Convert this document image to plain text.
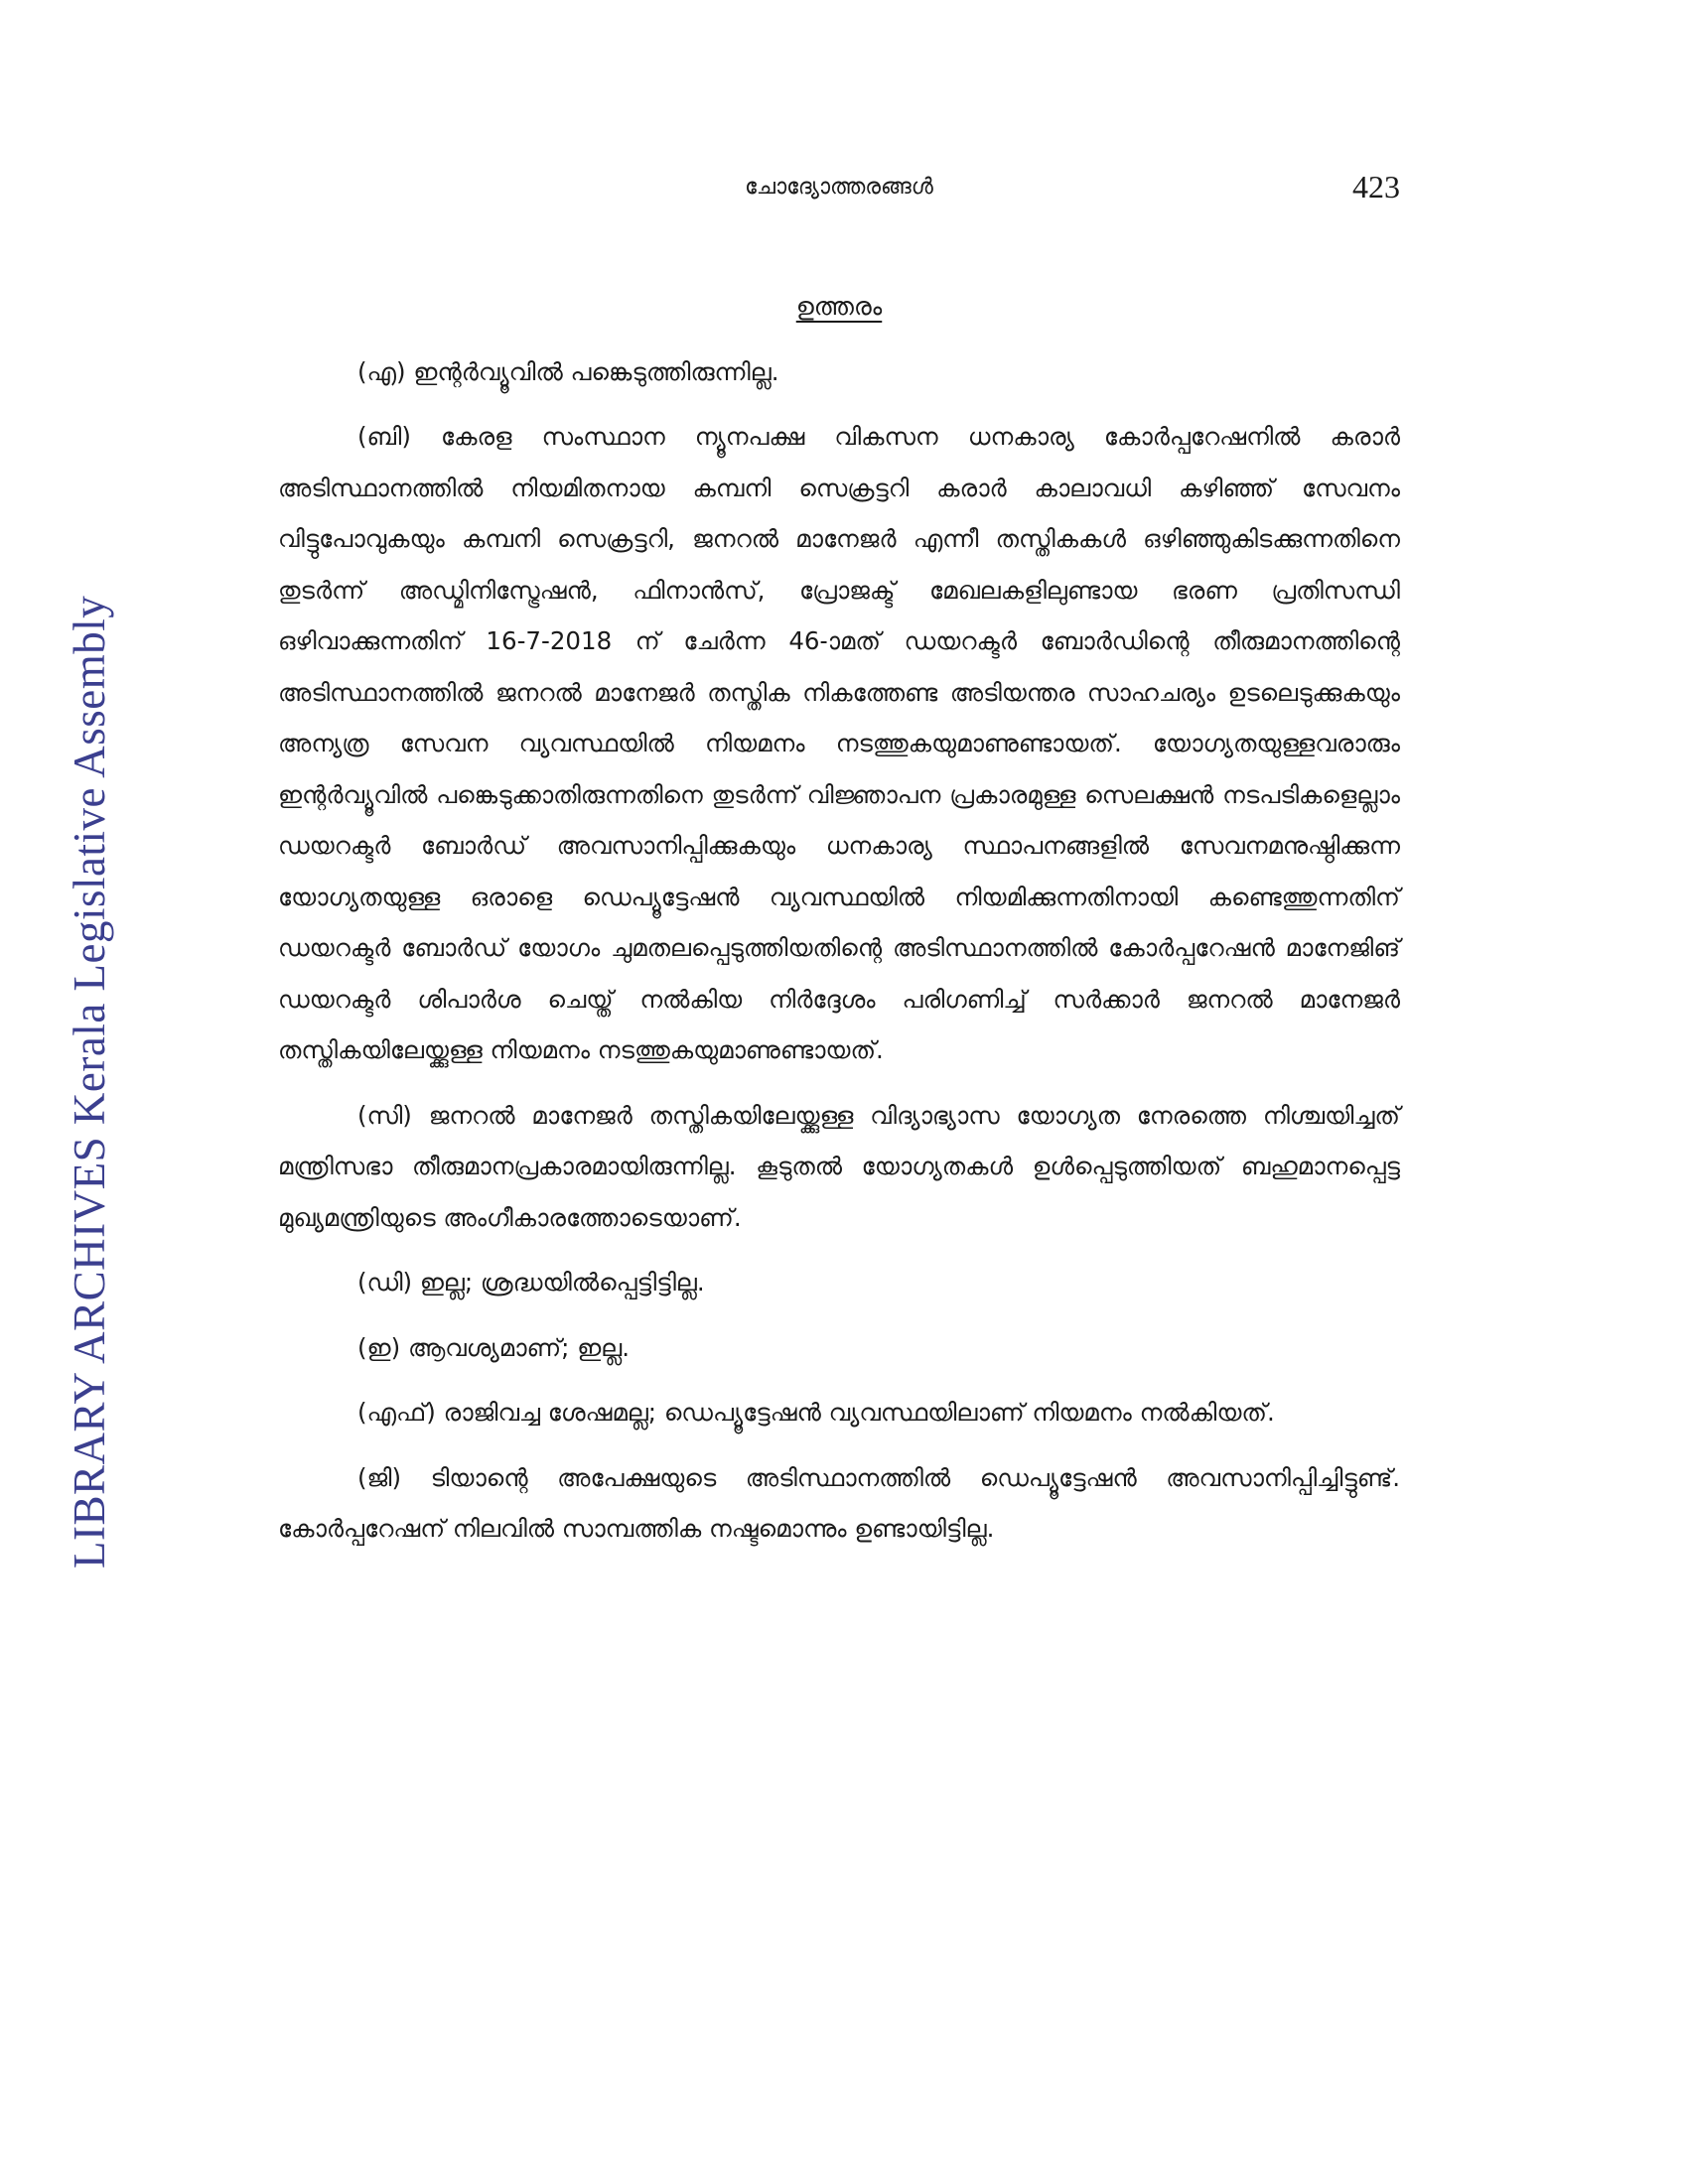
LIBRARY ARCHIVES Kerala Legislative Assembly
ചോദ്യോത്തരങ്ങൾ	423
ഉത്തരം

(എ) ഇന്റർവ്യൂവിൽ പങ്കെടുത്തിരുന്നില്ല.

(ബി) കേരള സംസ്ഥാന ന്യൂനപക്ഷ വികസന ധനകാര്യ കോർപ്പറേഷനിൽ കരാർ അടിസ്ഥാനത്തിൽ നിയമിതനായ കമ്പനി സെക്രട്ടറി കരാർ കാലാവധി കഴിഞ്ഞ് സേവനം വിട്ടുപോവുകയും കമ്പനി സെക്രട്ടറി, ജനറൽ മാനേജർ എന്നീ തസ്തികകൾ ഒഴിഞ്ഞുകിടക്കുന്നതിനെ തുടർന്ന് അഡ്മിനിസ്ട്രേഷൻ, ഫിനാൻസ്, പ്രോജക്ട് മേഖലകളിലുണ്ടായ ഭരണ പ്രതിസന്ധി ഒഴിവാക്കുന്നതിന് 16-7-2018 ന് ചേർന്ന 46-ാമത് ഡയറക്ടർ ബോർഡിന്റെ തീരുമാനത്തിന്റെ അടിസ്ഥാനത്തിൽ ജനറൽ മാനേജർ തസ്തിക നികത്തേണ്ട അടിയന്തര സാഹചര്യം ഉടലെടുക്കുകയും അന്യത്ര സേവന വ്യവസ്ഥയിൽ നിയമനം നടത്തുകയുമാണുണ്ടായത്. യോഗ്യതയുള്ളവരാരും ഇന്റർവ്യൂവിൽ പങ്കെടുക്കാതിരുന്നതിനെ തുടർന്ന് വിജ്ഞാപന പ്രകാരമുള്ള സെലക്ഷൻ നടപടികളെല്ലാം ഡയറക്ടർ ബോർഡ് അവസാനിപ്പിക്കുകയും ധനകാര്യ സ്ഥാപനങ്ങളിൽ സേവനമനുഷ്ഠിക്കുന്ന യോഗ്യതയുള്ള ഒരാളെ ഡെപ്യൂട്ടേഷൻ വ്യവസ്ഥയിൽ നിയമിക്കുന്നതിനായി കണ്ടെത്തുന്നതിന് ഡയറക്ടർ ബോർഡ് യോഗം ചുമതലപ്പെടുത്തിയതിന്റെ അടിസ്ഥാനത്തിൽ കോർപ്പറേഷൻ മാനേജിങ് ഡയറക്ടർ ശിപാർശ ചെയ്ത് നൽകിയ നിർദ്ദേശം പരിഗണിച്ച് സർക്കാർ ജനറൽ മാനേജർ തസ്തികയിലേയ്ക്കുള്ള നിയമനം നടത്തുകയുമാണുണ്ടായത്.

(സി) ജനറൽ മാനേജർ തസ്തികയിലേയ്ക്കുള്ള വിദ്യാഭ്യാസ യോഗ്യത നേരത്തെ നിശ്ചയിച്ചത് മന്ത്രിസഭാ തീരുമാനപ്രകാരമായിരുന്നില്ല. കൂടുതൽ യോഗ്യതകൾ ഉൾപ്പെടുത്തിയത് ബഹുമാനപ്പെട്ട മുഖ്യമന്ത്രിയുടെ അംഗീകാരത്തോടെയാണ്.

(ഡി) ഇല്ല; ശ്രദ്ധയിൽപ്പെട്ടിട്ടില്ല.

(ഇ) ആവശ്യമാണ്; ഇല്ല.

(എഫ്) രാജിവച്ച ശേഷമല്ല; ഡെപ്യൂട്ടേഷൻ വ്യവസ്ഥയിലാണ് നിയമനം നൽകിയത്.

(ജി) ടിയാന്റെ അപേക്ഷയുടെ അടിസ്ഥാനത്തിൽ ഡെപ്യൂട്ടേഷൻ അവസാനിപ്പിച്ചിട്ടുണ്ട്. കോർപ്പറേഷന് നിലവിൽ സാമ്പത്തിക നഷ്ടമൊന്നും ഉണ്ടായിട്ടില്ല.
